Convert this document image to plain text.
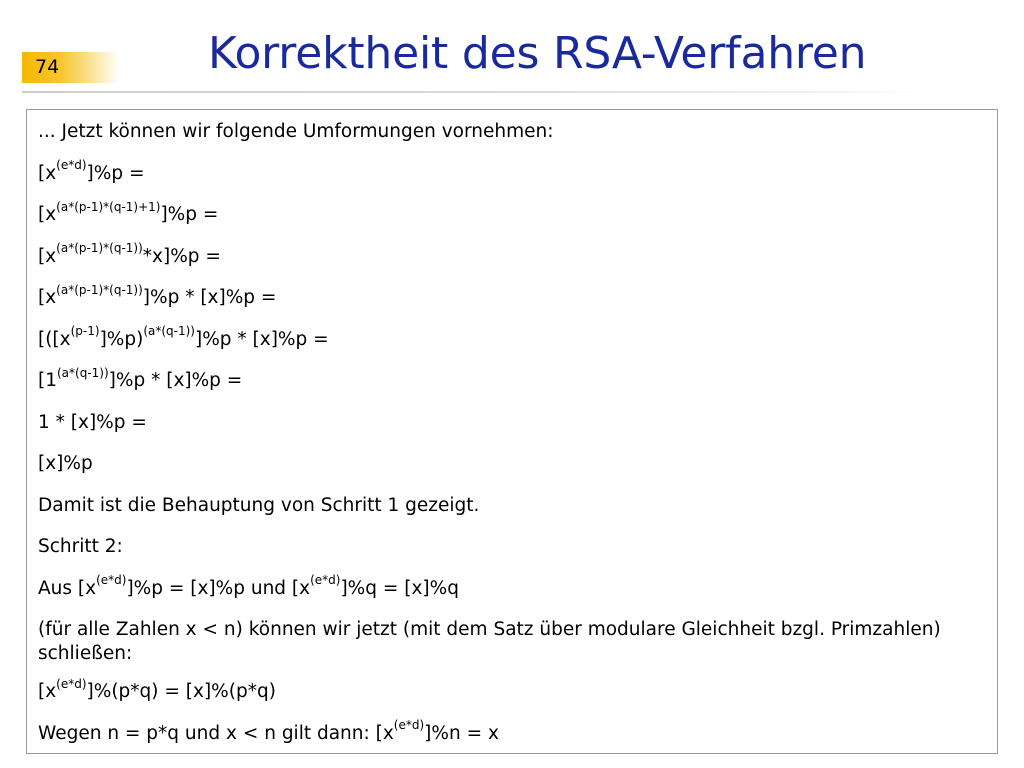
74	Korrektheit des RSA-Verfahren
... Jetzt können wir folgende Umformungen vornehmen:
$[x^{(e*d)}]\%p$ =
$[x^{(a*(p-1)*(q-1)+1)}]\%p$ =
$[x^{(a*(p-1)*(q-1))}*x]\%p$ =
$[x^{(a*(p-1)*(q-1))}]\%p * [x]\%p$ =
$[([x^{(p-1)}]\%p)^{(a*(q-1))}]\%p * [x]\%p$ =
$[1^{(a*(q-1))}]\%p * [x]\%p$ =
1 * [x]%p =
[x]%p
Damit ist die Behauptung von Schritt 1 gezeigt.
Schritt 2:
Aus $[x^{(e*d)}]\%p = [x]\%p$ und $[x^{(e*d)}]\%q = [x]\%q$
(für alle Zahlen x < n) können wir jetzt (mit dem Satz über modulare Gleichheit bzgl. Primzahlen) schließen:
$[x^{(e*d)}]\%(p*q) = [x]\%(p*q)$
Wegen n = p*q und x < n gilt dann: $[x^{(e*d)}]\%n = x$
